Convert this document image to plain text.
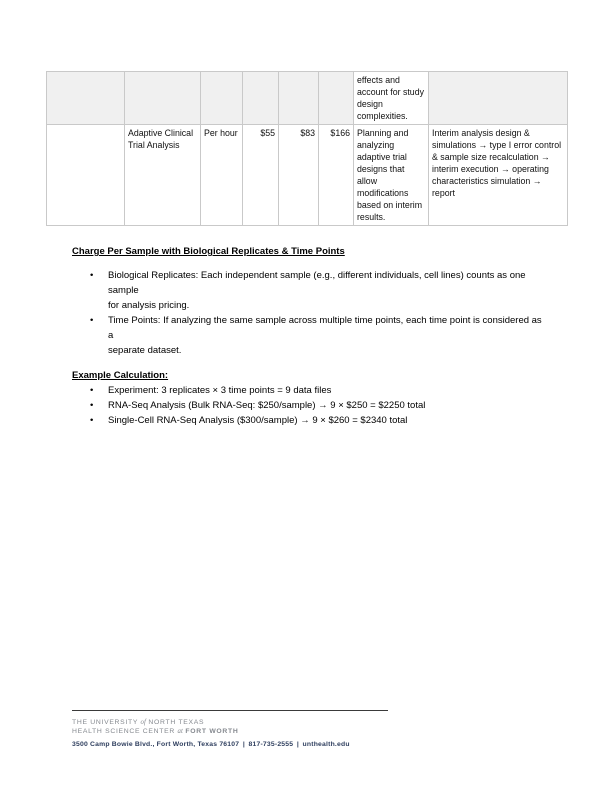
						effects and account for study design complexities.	
	Adaptive Clinical Trial Analysis	Per hour	$55	$83	$166	Planning and analyzing adaptive trial designs that allow modifications based on interim results.	Interim analysis design & simulations → type I error control & sample size recalculation → interim execution → operating characteristics simulation → report
Charge Per Sample with Biological Replicates & Time Points
• Biological Replicates: Each independent sample (e.g., different individuals, cell lines) counts as one sample
for analysis pricing.
• Time Points: If analyzing the same sample across multiple time points, each time point is considered as a
separate dataset.
Example Calculation:
• Experiment: 3 replicates × 3 time points = 9 data files
• RNA-Seq Analysis (Bulk RNA-Seq: $250/sample) → 9 × $250 = $2250 total
• Single-Cell RNA-Seq Analysis ($300/sample) → 9 × $260 = $2340 total
THE UNIVERSITY of NORTH TEXAS
HEALTH SCIENCE CENTER at FORT WORTH
3500 Camp Bowie Blvd., Fort Worth, Texas 76107 | 817-735-2555 | unthealth.edu
